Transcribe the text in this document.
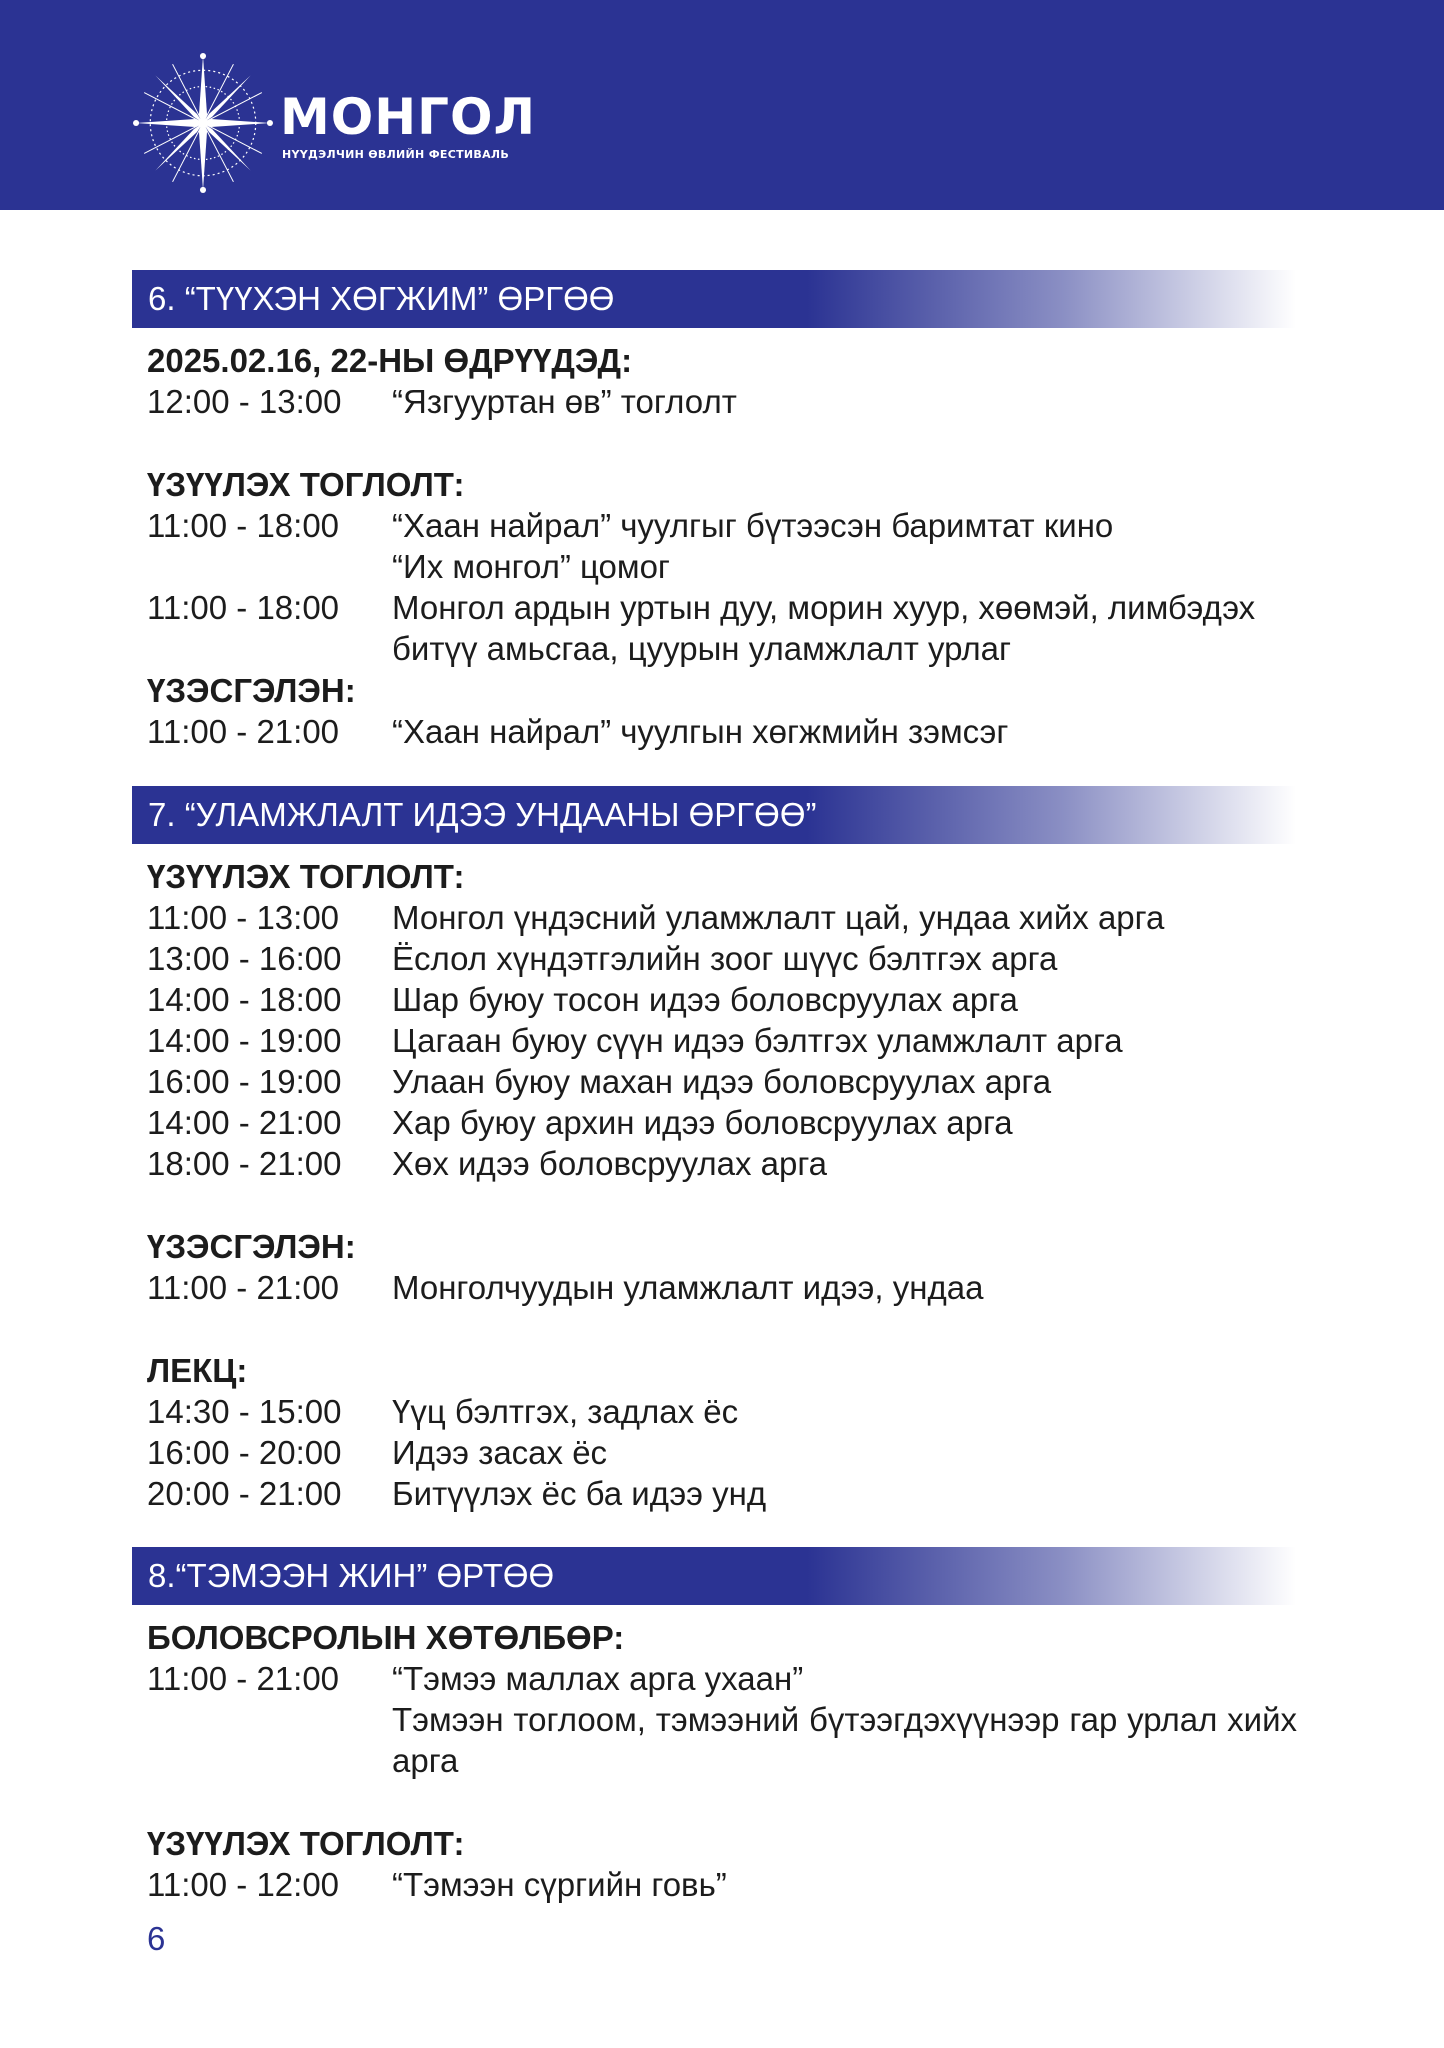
МОНГОЛ
НҮҮДЭЛЧИН ӨВЛИЙН ФЕСТИВАЛЬ
6. “ТҮҮХЭН ХӨГЖИМ” ӨРГӨӨ
2025.02.16, 22-НЫ ӨДРҮҮДЭД:
12:00 - 13:00 “Язгууртан өв” тоглолт
ҮЗҮҮЛЭХ ТОГЛОЛТ:
11:00 - 18:00 “Хаан найрал” чуулгыг бүтээсэн баримтат кино
“Их монгол” цомог
11:00 - 18:00 Монгол ардын уртын дуу, морин хуур, хөөмэй, лимбэдэх битүү амьсгаа, цуурын уламжлалт урлаг
ҮЗЭСГЭЛЭН:
11:00 - 21:00 “Хаан найрал” чуулгын хөгжмийн зэмсэг
7. “УЛАМЖЛАЛТ ИДЭЭ УНДААНЫ ӨРГӨӨ”
ҮЗҮҮЛЭХ ТОГЛОЛТ:
11:00 - 13:00 Монгол үндэсний уламжлалт цай, ундаа хийх арга
13:00 - 16:00 Ёслол хүндэтгэлийн зоог шүүс бэлтгэх арга
14:00 - 18:00 Шар буюу тосон идээ боловсруулах арга
14:00 - 19:00 Цагаан буюу сүүн идээ бэлтгэх уламжлалт арга
16:00 - 19:00 Улаан буюу махан идээ боловсруулах арга
14:00 - 21:00 Хар буюу архин идээ боловсруулах арга
18:00 - 21:00 Хөх идээ боловсруулах арга
ҮЗЭСГЭЛЭН:
11:00 - 21:00 Монголчуудын уламжлалт идээ, ундаа
ЛЕКЦ:
14:30 - 15:00 Үүц бэлтгэх, задлах ёс
16:00 - 20:00 Идээ засах ёс
20:00 - 21:00 Битүүлэх ёс ба идээ унд
8.“ТЭМЭЭН ЖИН” ӨРТӨӨ
БОЛОВСРОЛЫН ХӨТӨЛБӨР:
11:00 - 21:00 “Тэмээ маллах арга ухаан”
Тэмээн тоглоом, тэмээний бүтээгдэхүүнээр гар урлал хийх арга
ҮЗҮҮЛЭХ ТОГЛОЛТ:
11:00 - 12:00 “Тэмээн сүргийн говь”
6
